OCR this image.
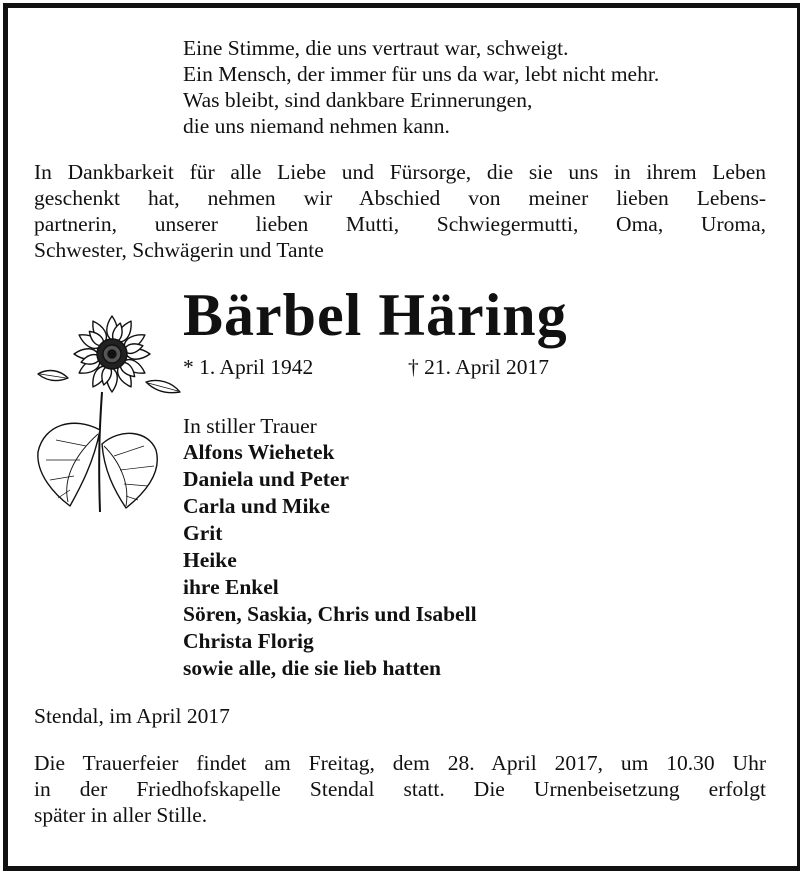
Eine Stimme, die uns vertraut war, schweigt.
Ein Mensch, der immer für uns da war, lebt nicht mehr.
Was bleibt, sind dankbare Erinnerungen,
die uns niemand nehmen kann.
In Dankbarkeit für alle Liebe und Fürsorge, die sie uns in ihrem Leben
geschenkt hat, nehmen wir Abschied von meiner lieben Lebens-
partnerin, unserer lieben Mutti, Schwiegermutti, Oma, Uroma,
Schwester, Schwägerin und Tante
Bärbel Häring
* 1. April 1942	† 21. April 2017
In stiller Trauer
Alfons Wiehetek
Daniela und Peter
Carla und Mike
Grit
Heike
ihre Enkel
Sören, Saskia, Chris und Isabell
Christa Florig
sowie alle, die sie lieb hatten
Stendal, im April 2017
Die Trauerfeier findet am Freitag, dem 28. April 2017, um 10.30 Uhr
in der Friedhofskapelle Stendal statt. Die Urnenbeisetzung erfolgt
später in aller Stille.
